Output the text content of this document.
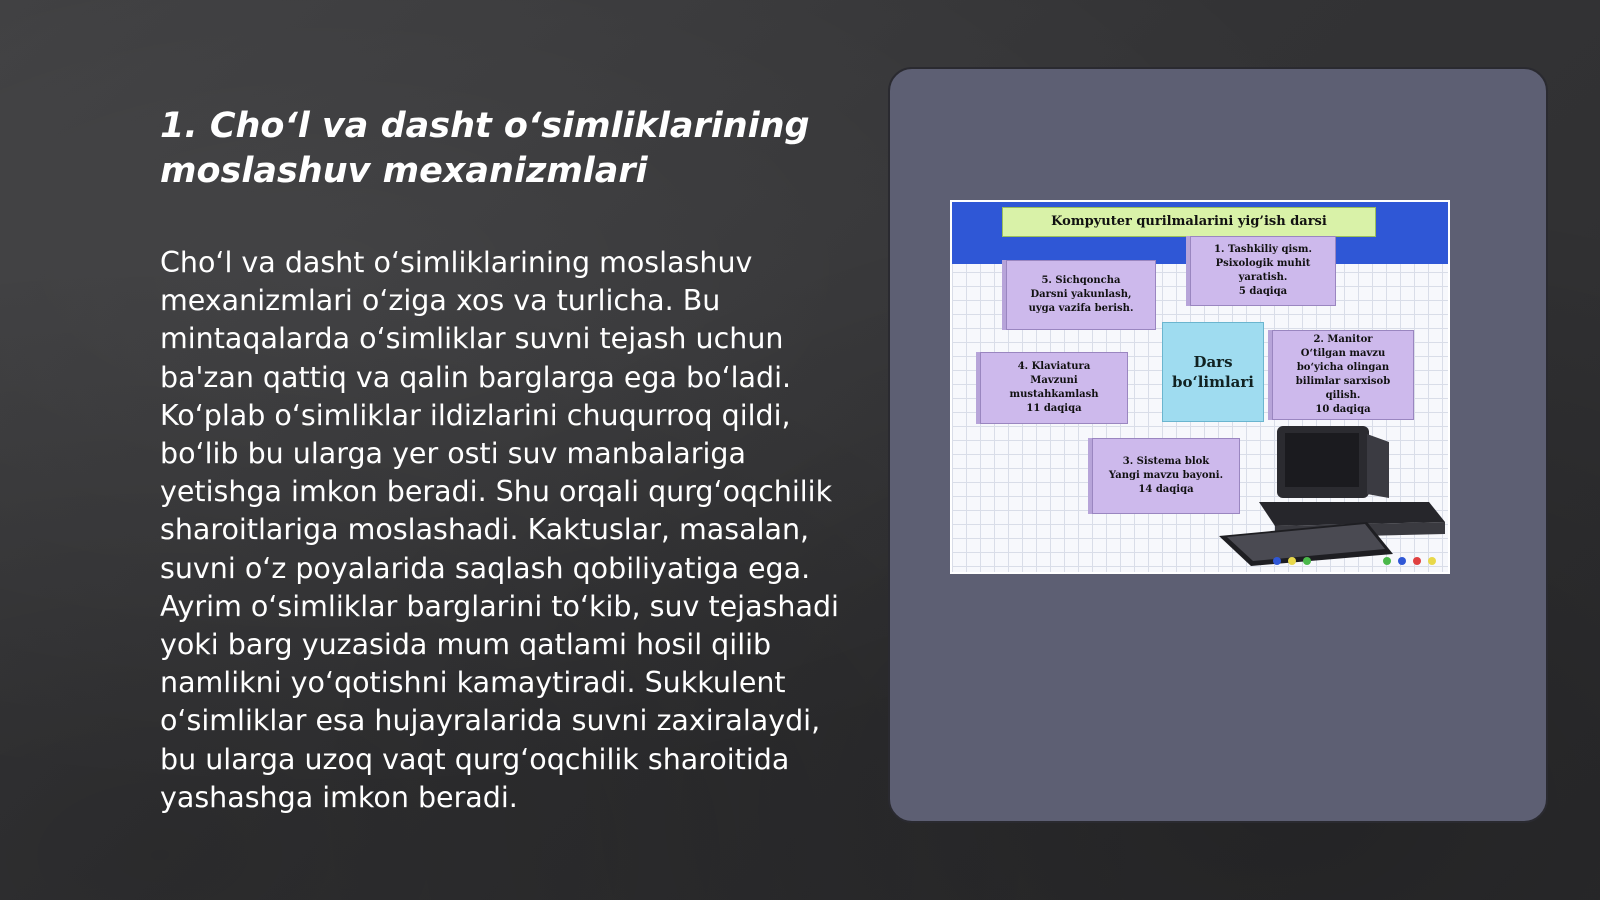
1. Cho‘l va dasht o‘simliklarining moslashuv mexanizmlari

Cho‘l va dasht o‘simliklarining moslashuv mexanizmlari o‘ziga xos va turlicha. Bu mintaqalarda o‘simliklar suvni tejash uchun ba'zan qattiq va qalin barglarga ega bo‘ladi. Ko‘plab o‘simliklar ildizlarini chuqurroq qildi, bo‘lib bu ularga yer osti suv manbalariga yetishga imkon beradi. Shu orqali qurg‘oqchilik sharoitlariga moslashadi. Kaktuslar, masalan, suvni o‘z poyalarida saqlash qobiliyatiga ega. Ayrim o‘simliklar barglarini to‘kib, suv tejashadi yoki barg yuzasida mum qatlami hosil qilib namlikni yo‘qotishni kamaytiradi. Sukkulent o‘simliklar esa hujayralarida suvni zaxiralaydi, bu ularga uzoq vaqt qurg‘oqchilik sharoitida yashashga imkon beradi.

Kompyuter qurilmalarini yig’ish darsi
1. Tashkiliy qism.
Psixologik muhit
yaratish.
5 daqiqa
5. Sichqoncha
Darsni yakunlash,
uyga vazifa berish.
Dars
bo‘limlari
2. Manitor
O‘tilgan mavzu
bo‘yicha olingan
bilimlar sarxisob
qilish.
10 daqiqa
4. Klaviatura
Mavzuni
mustahkamlash
11 daqiqa
3. Sistema blok
Yangi mavzu bayoni.
14 daqiqa
